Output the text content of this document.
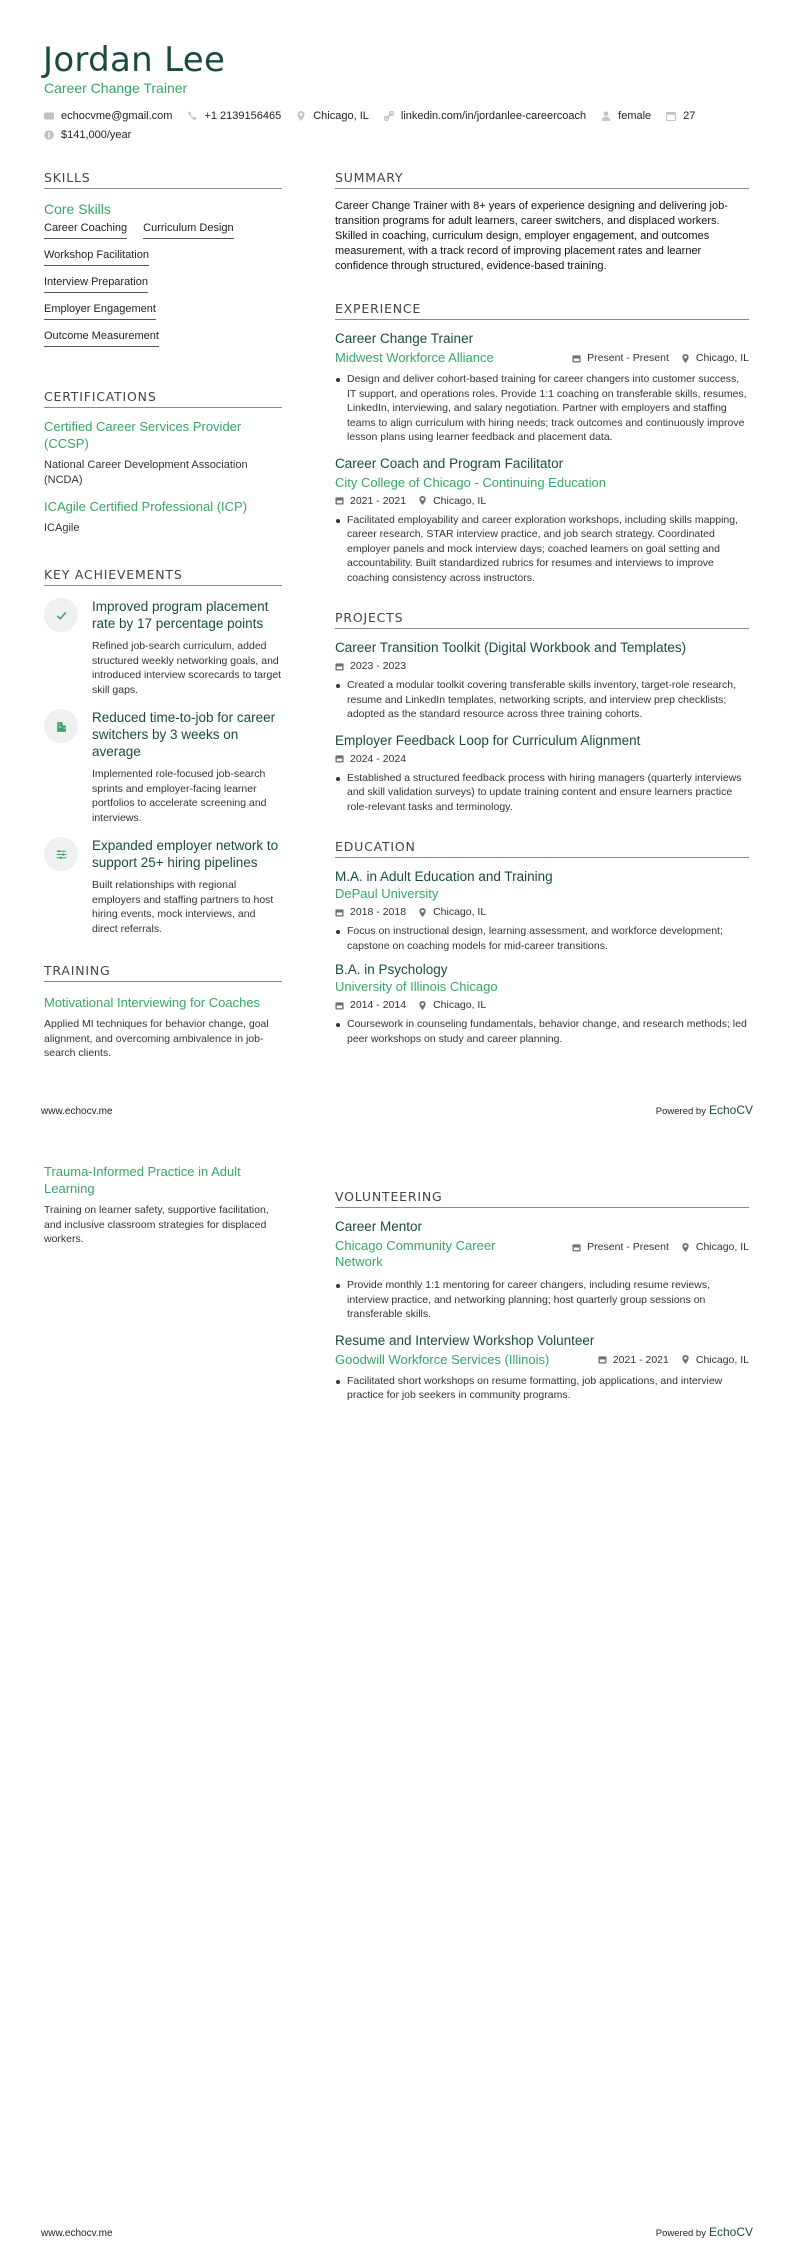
Jordan Lee
Career Change Trainer
echocvme@gmail.com	+1 2139156465	Chicago, IL	linkedin.com/in/jordanlee-careercoach	female	27
$141,000/year
SKILLS
Core Skills
Career Coaching Curriculum Design
Workshop Facilitation
Interview Preparation
Employer Engagement
Outcome Measurement
CERTIFICATIONS
Certified Career Services Provider (CCSP)
National Career Development Association (NCDA)
ICAgile Certified Professional (ICP)
ICAgile
KEY ACHIEVEMENTS
Improved program placement rate by 17 percentage points
Refined job-search curriculum, added structured weekly networking goals, and introduced interview scorecards to target skill gaps.
Reduced time-to-job for career switchers by 3 weeks on average
Implemented role-focused job-search sprints and employer-facing learner portfolios to accelerate screening and interviews.
Expanded employer network to support 25+ hiring pipelines
Built relationships with regional employers and staffing partners to host hiring events, mock interviews, and direct referrals.
TRAINING
Motivational Interviewing for Coaches
Applied MI techniques for behavior change, goal alignment, and overcoming ambivalence in job-search clients.
SUMMARY

Career Change Trainer with 8+ years of experience designing and delivering job-transition programs for adult learners, career switchers, and displaced workers. Skilled in coaching, curriculum design, employer engagement, and outcomes measurement, with a track record of improving placement rates and learner confidence through structured, evidence-based training.

EXPERIENCE
Career Change Trainer
Midwest Workforce Alliance	Present - Present	Chicago, IL
Design and deliver cohort-based training for career changers into customer success, IT support, and operations roles. Provide 1:1 coaching on transferable skills, resumes, LinkedIn, interviewing, and salary negotiation. Partner with employers and staffing teams to align curriculum with hiring needs; track outcomes and continuously improve lesson plans using learner feedback and placement data.
Career Coach and Program Facilitator
City College of Chicago - Continuing Education
2021 - 2021	Chicago, IL
Facilitated employability and career exploration workshops, including skills mapping, career research, STAR interview practice, and job search strategy. Coordinated employer panels and mock interview days; coached learners on goal setting and accountability. Built standardized rubrics for resumes and interviews to improve coaching consistency across instructors.
PROJECTS
Career Transition Toolkit (Digital Workbook and Templates)
2023 - 2023
Created a modular toolkit covering transferable skills inventory, target-role research, resume and LinkedIn templates, networking scripts, and interview prep checklists; adopted as the standard resource across three training cohorts.
Employer Feedback Loop for Curriculum Alignment
2024 - 2024
Established a structured feedback process with hiring managers (quarterly interviews and skill validation surveys) to update training content and ensure learners practice role-relevant tasks and terminology.
EDUCATION
M.A. in Adult Education and Training
DePaul University
2018 - 2018	Chicago, IL
Focus on instructional design, learning assessment, and workforce development; capstone on coaching models for mid-career transitions.
B.A. in Psychology
University of Illinois Chicago
2014 - 2014	Chicago, IL
Coursework in counseling fundamentals, behavior change, and research methods; led peer workshops on study and career planning.
www.echocv.me	Powered by EchoCV
Trauma-Informed Practice in Adult Learning
Training on learner safety, supportive facilitation, and inclusive classroom strategies for displaced workers.
VOLUNTEERING
Career Mentor
Chicago Community Career Network
Present - Present	Chicago, IL
Provide monthly 1:1 mentoring for career changers, including resume reviews, interview practice, and networking planning; host quarterly group sessions on transferable skills.
Resume and Interview Workshop Volunteer
Goodwill Workforce Services (Illinois)	2021 - 2021	Chicago, IL
Facilitated short workshops on resume formatting, job applications, and interview practice for job seekers in community programs.
www.echocv.me	Powered by EchoCV
